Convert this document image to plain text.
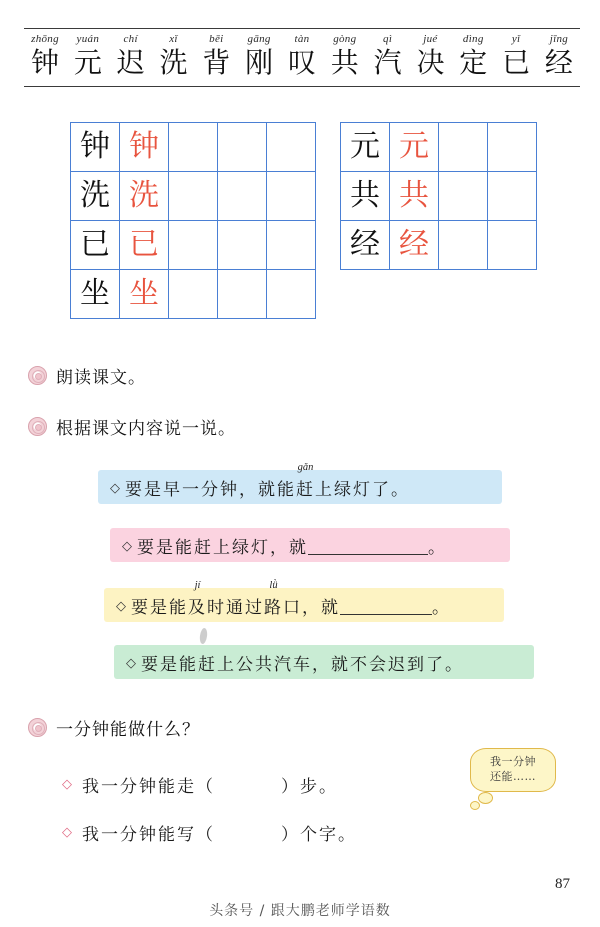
zhōng
钟
yuán
元
chí
迟
xǐ
洗
bēi
背
gāng
刚
tàn
叹
gòng
共
qì
汽
jué
决
dìng
定
yǐ
已
jīng
经
钟	钟			

洗	洗			

已	已			

坐	坐			

元	元		

共	共		

经	经		

朗读课文。
根据课文内容说一说。
◇ 要是早一分钟，就能
gǎn
赶上绿灯了。
◇ 要是能赶上绿灯，就	。
◇ 要是能
jí
及时通过
lǜ
路口，就	。
◇ 要是能赶上公共汽车，就不会迟到了。
一分钟能做什么？
◇ 我一分钟能走（	）步。
◇ 我一分钟能写（	）个字。
我一分钟
还能……
87
头条号 / 跟大鹏老师学语数
